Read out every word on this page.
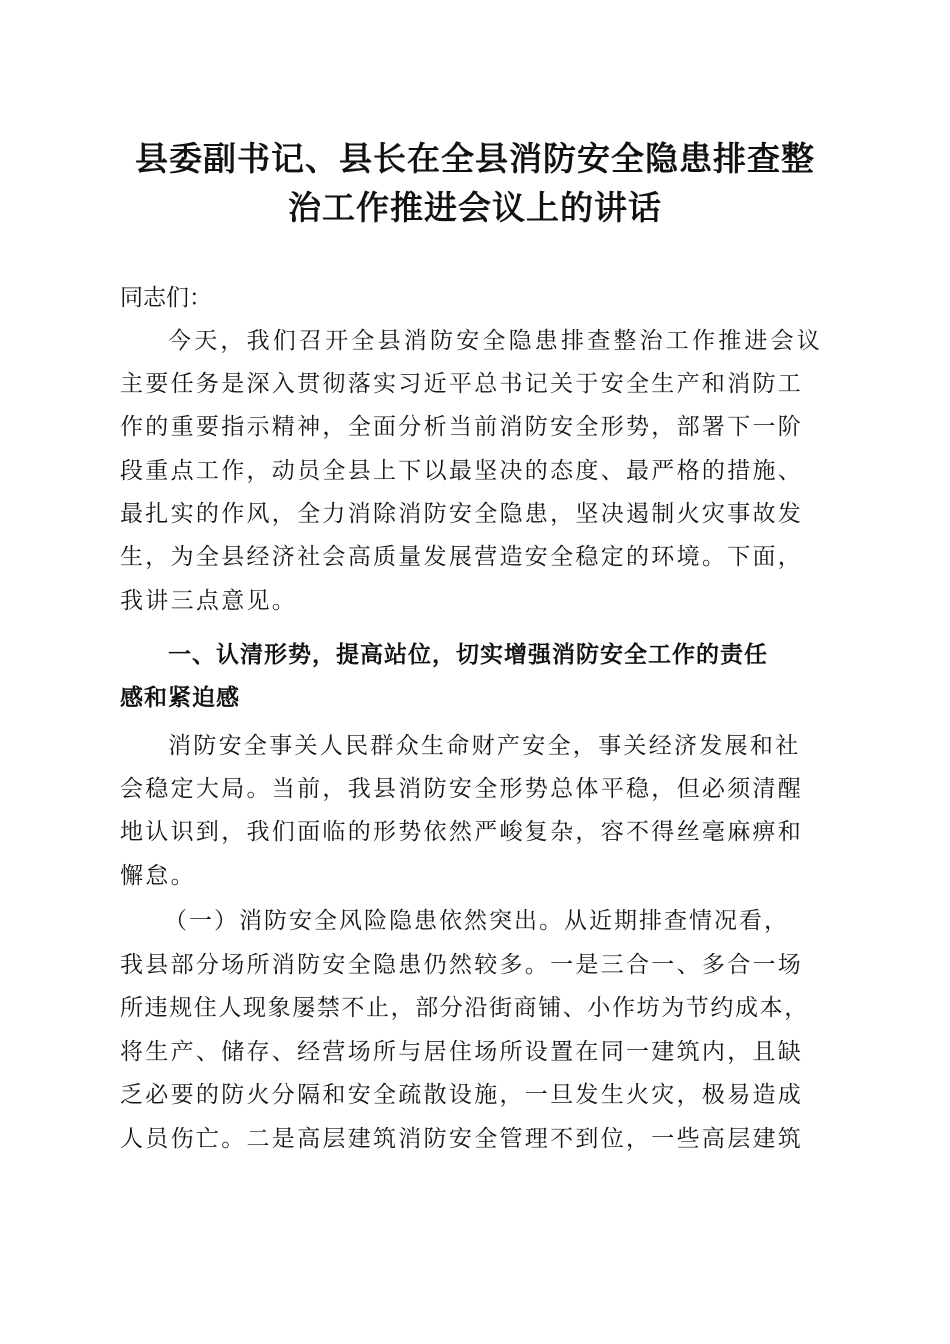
县委副书记、县长在全县消防安全隐患排查整
治工作推进会议上的讲话

同志们：

今天，我们召开全县消防安全隐患排查整治工作推进会议

主要任务是深入贯彻落实习近平总书记关于安全生产和消防工

作的重要指示精神，全面分析当前消防安全形势，部署下一阶

段重点工作，动员全县上下以最坚决的态度、最严格的措施、

最扎实的作风，全力消除消防安全隐患，坚决遏制火灾事故发

生，为全县经济社会高质量发展营造安全稳定的环境。下面，

我讲三点意见。

一、认清形势，提高站位，切实增强消防安全工作的责任

感和紧迫感

消防安全事关人民群众生命财产安全，事关经济发展和社

会稳定大局。当前，我县消防安全形势总体平稳，但必须清醒

地认识到，我们面临的形势依然严峻复杂，容不得丝毫麻痹和

懈怠。

（一）消防安全风险隐患依然突出。从近期排查情况看，

我县部分场所消防安全隐患仍然较多。一是三合一、多合一场

所违规住人现象屡禁不止，部分沿街商铺、小作坊为节约成本，

将生产、储存、经营场所与居住场所设置在同一建筑内，且缺

乏必要的防火分隔和安全疏散设施，一旦发生火灾，极易造成

人员伤亡。二是高层建筑消防安全管理不到位，一些高层建筑
